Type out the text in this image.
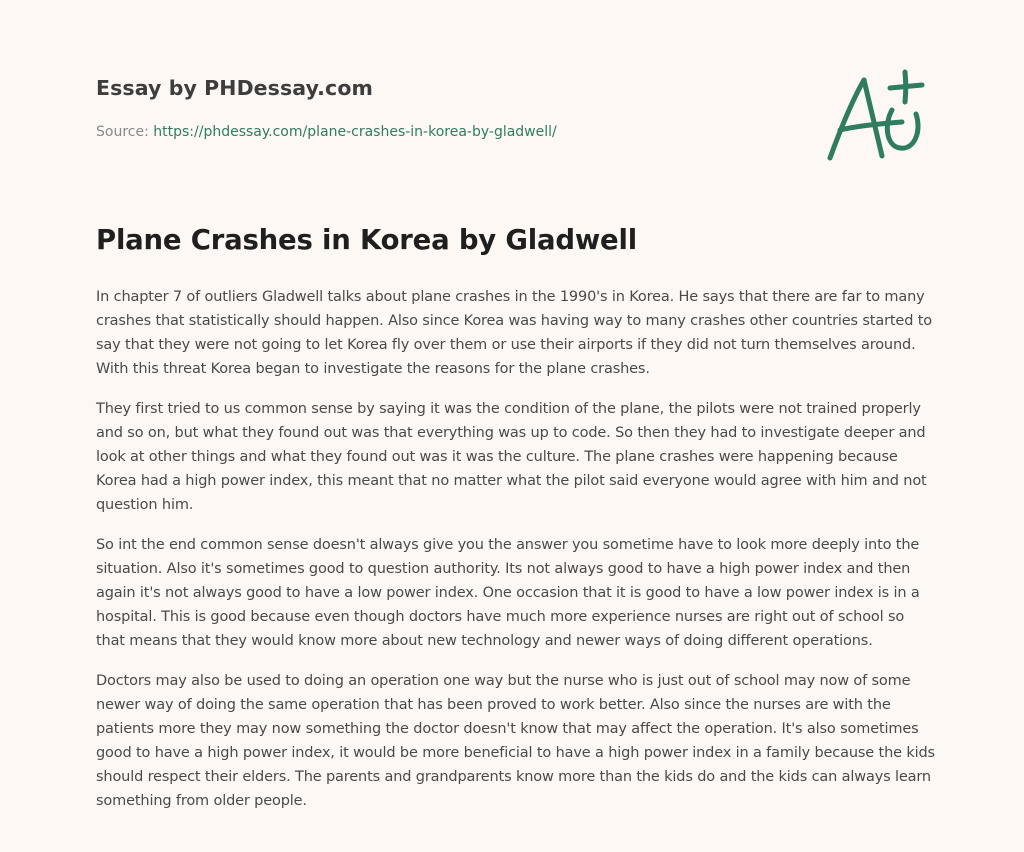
Essay by PHDessay.com
Source: https://phdessay.com/plane-crashes-in-korea-by-gladwell/
Plane Crashes in Korea by Gladwell

In chapter 7 of outliers Gladwell talks about plane crashes in the 1990's in Korea. He says that there are far to many crashes that statistically should happen. Also since Korea was having way to many crashes other countries started to say that they were not going to let Korea fly over them or use their airports if they did not turn themselves around. With this threat Korea began to investigate the reasons for the plane crashes.

They first tried to us common sense by saying it was the condition of the plane, the pilots were not trained properly and so on, but what they found out was that everything was up to code. So then they had to investigate deeper and look at other things and what they found out was it was the culture. The plane crashes were happening because Korea had a high power index, this meant that no matter what the pilot said everyone would agree with him and not question him.

So int the end common sense doesn't always give you the answer you sometime have to look more deeply into the situation. Also it's sometimes good to question authority. Its not always good to have a high power index and then again it's not always good to have a low power index. One occasion that it is good to have a low power index is in a hospital. This is good because even though doctors have much more experience nurses are right out of school so that means that they would know more about new technology and newer ways of doing different operations.

Doctors may also be used to doing an operation one way but the nurse who is just out of school may now of some newer way of doing the same operation that has been proved to work better. Also since the nurses are with the patients more they may now something the doctor doesn't know that may affect the operation. It's also sometimes good to have a high power index, it would be more beneficial to have a high power index in a family because the kids should respect their elders. The parents and grandparents know more than the kids do and the kids can always learn something from older people.
